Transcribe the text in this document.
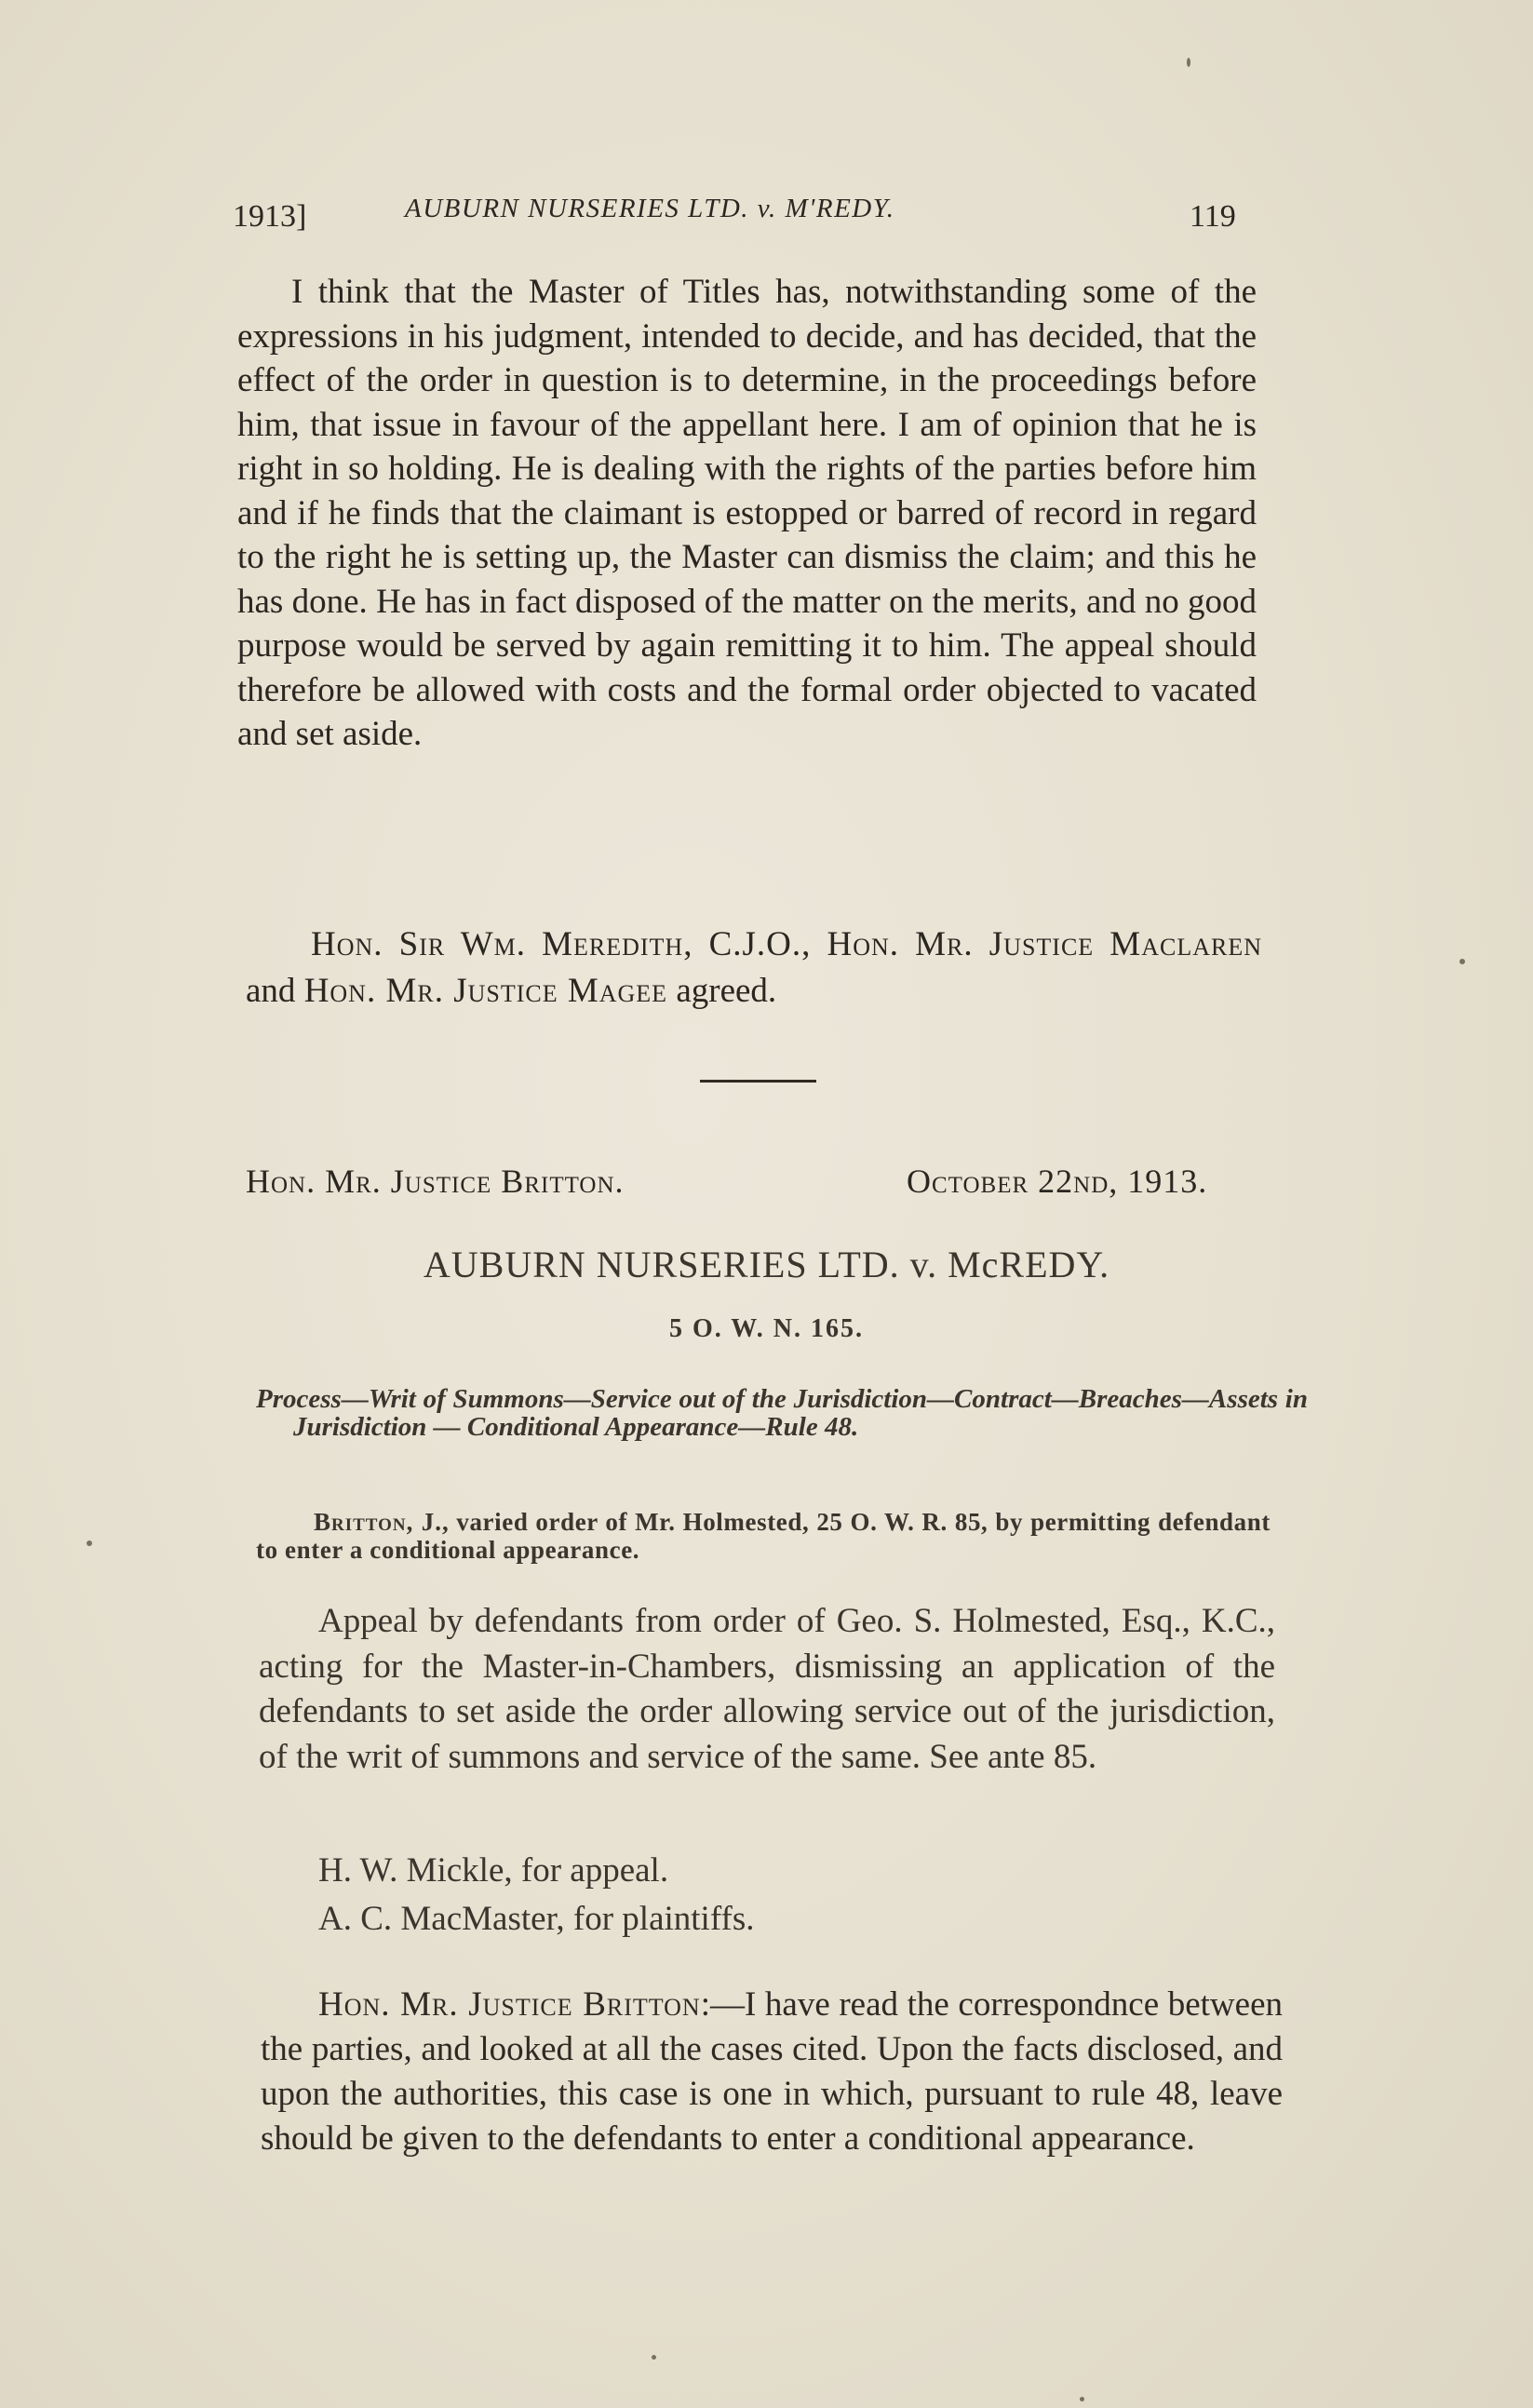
1913]	AUBURN NURSERIES LTD. v. M'REDY.	119

I think that the Master of Titles has, notwithstanding some of the expressions in his judgment, intended to decide, and has decided, that the effect of the order in question is to determine, in the proceedings before him, that issue in favour of the appellant here. I am of opinion that he is right in so holding. He is dealing with the rights of the parties before him and if he finds that the claimant is estopped or barred of record in regard to the right he is setting up, the Master can dismiss the claim; and this he has done. He has in fact disposed of the matter on the merits, and no good purpose would be served by again remitting it to him. The appeal should therefore be allowed with costs and the formal order objected to vacated and set aside.

Hon. Sir Wm. Meredith, C.J.O., Hon. Mr. Justice Maclaren and Hon. Mr. Justice Magee agreed.

Hon. Mr. Justice Britton.	October 22nd, 1913.
AUBURN NURSERIES LTD. v. McREDY.
5 O. W. N. 165.

Process—Writ of Summons—Service out of the Jurisdiction—Contract—Breaches—Assets in Jurisdiction — Conditional Appearance—Rule 48.

Britton, J., varied order of Mr. Holmested, 25 O. W. R. 85, by permitting defendant to enter a conditional appearance.

Appeal by defendants from order of Geo. S. Holmested, Esq., K.C., acting for the Master-in-Chambers, dismissing an application of the defendants to set aside the order allowing service out of the jurisdiction, of the writ of summons and service of the same. See ante 85.

H. W. Mickle, for appeal.

A. C. MacMaster, for plaintiffs.

Hon. Mr. Justice Britton:—I have read the correspondnce between the parties, and looked at all the cases cited. Upon the facts disclosed, and upon the authorities, this case is one in which, pursuant to rule 48, leave should be given to the defendants to enter a conditional appearance.
